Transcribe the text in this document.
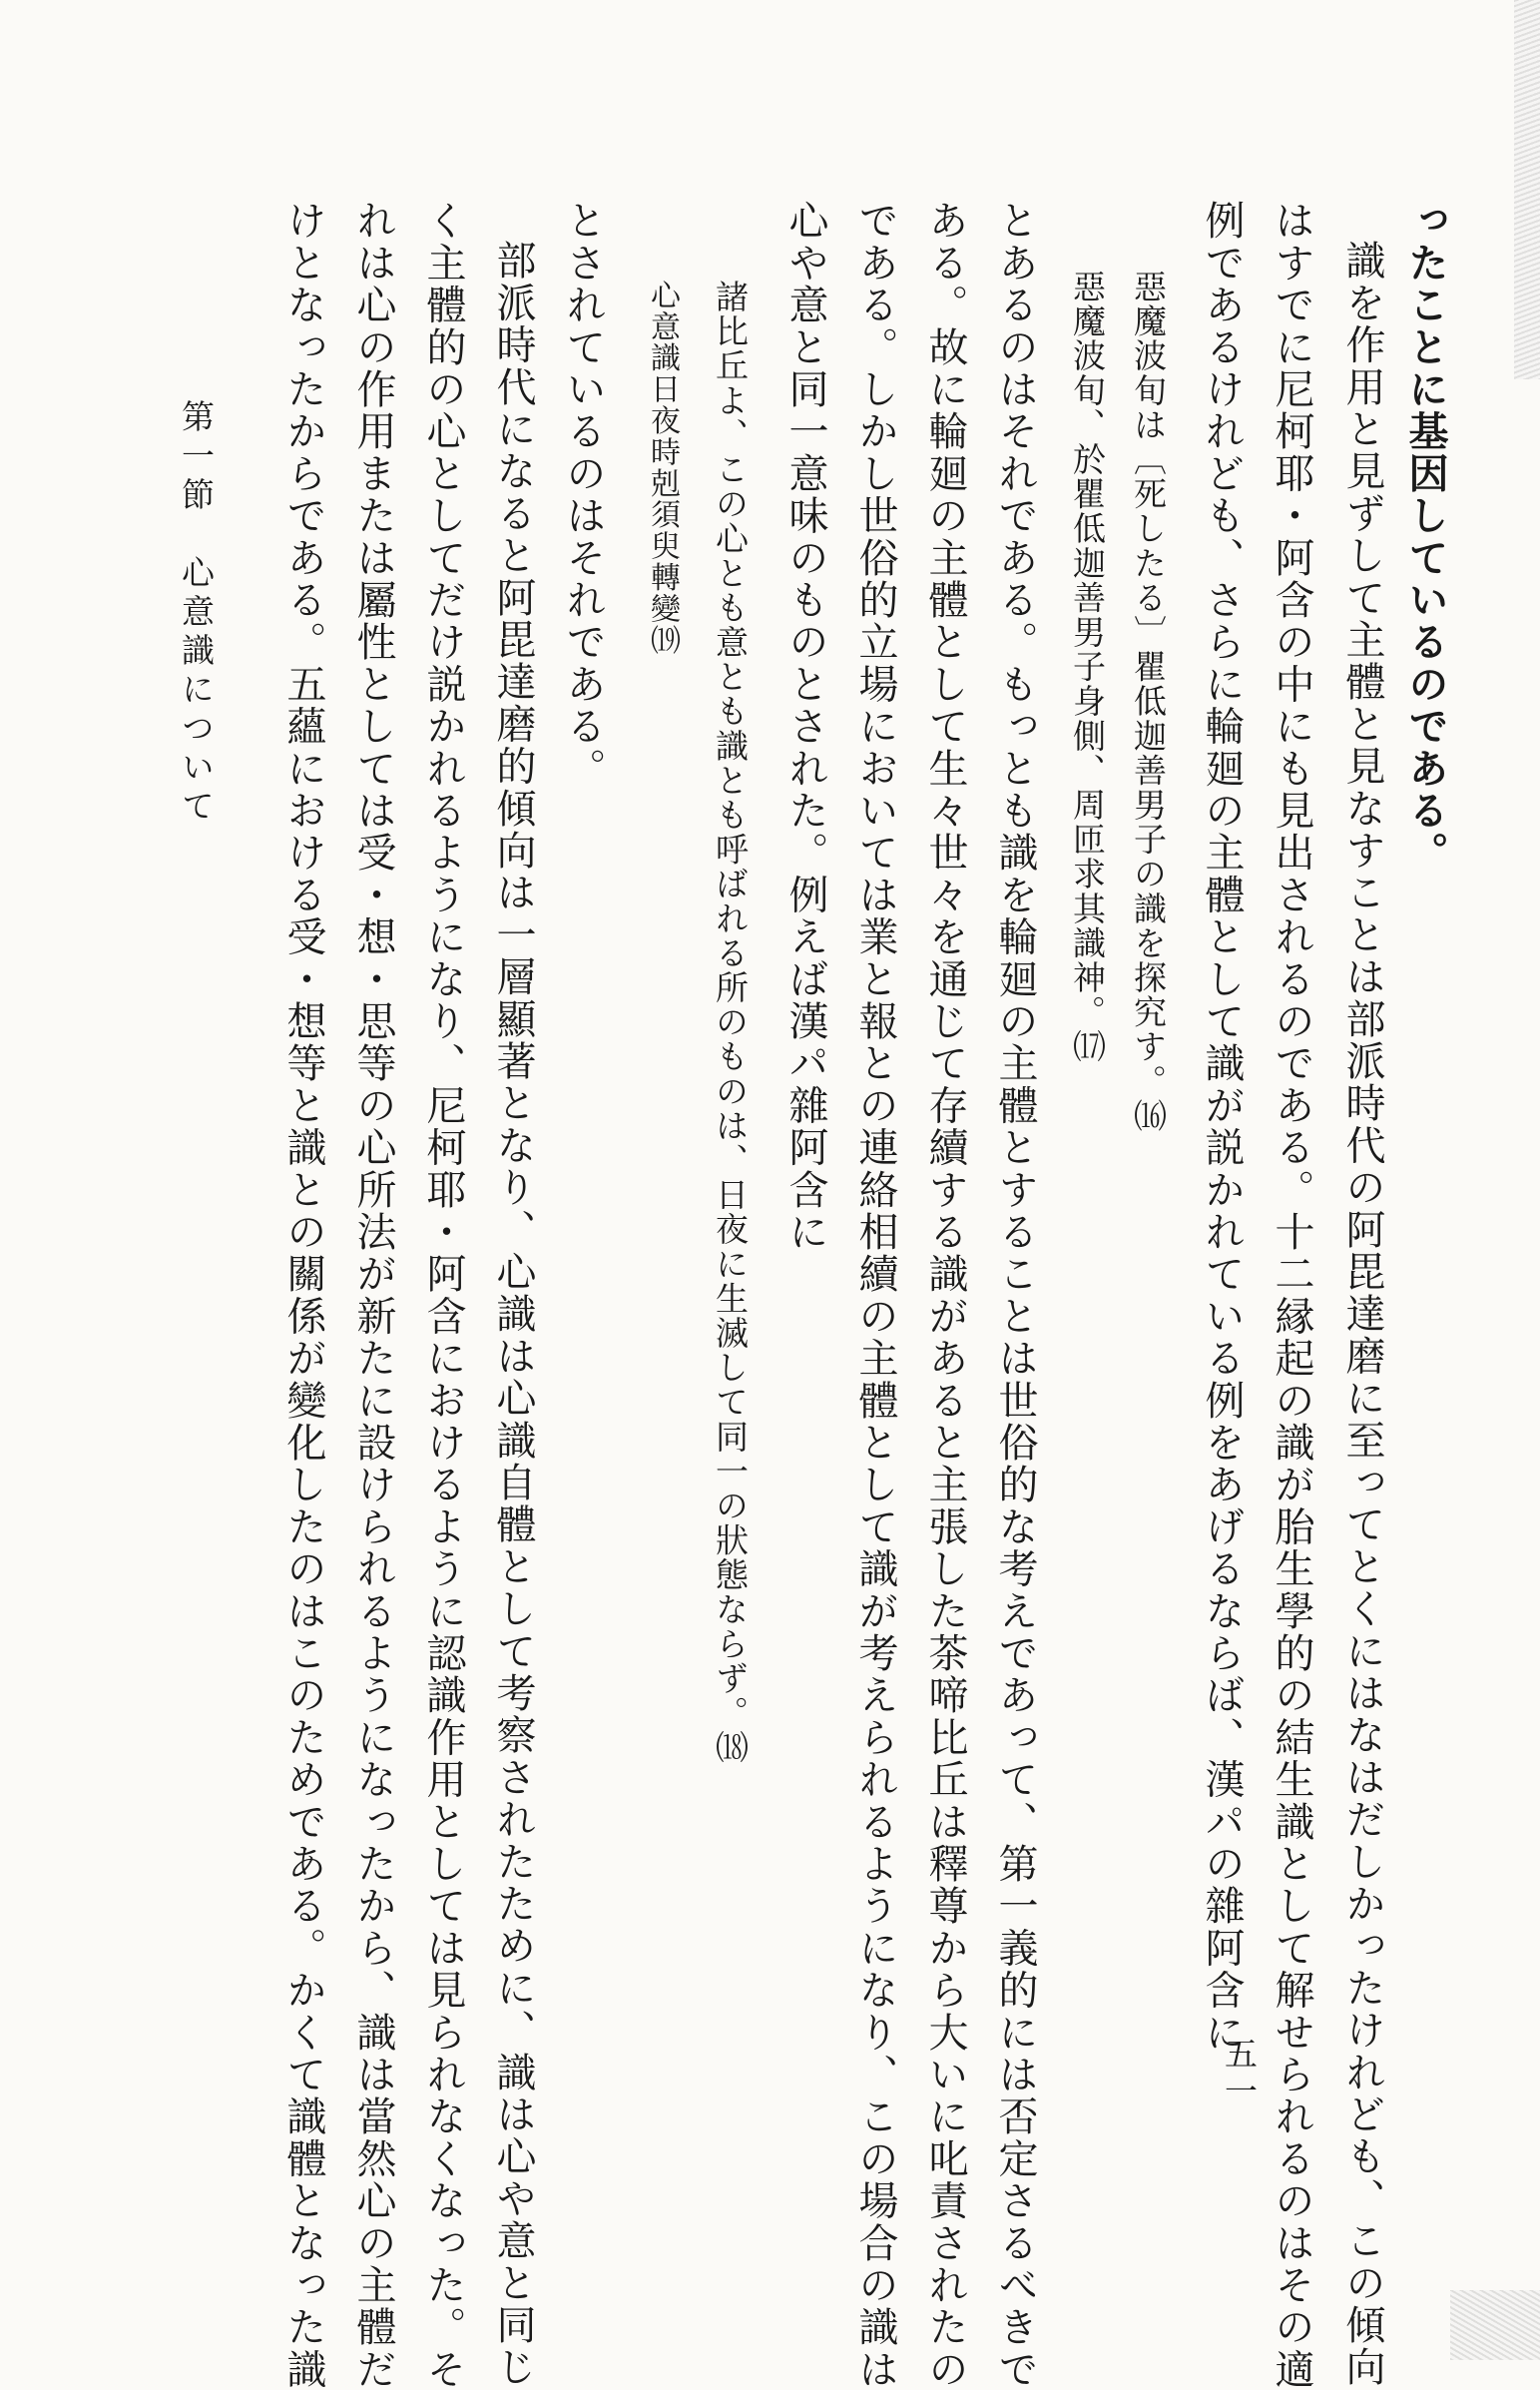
ったことに基因しているのである。
識を作用と見ずして主體と見なすことは部派時代の阿毘達磨に至ってとくにはなはだしかったけれども、この傾向
はすでに尼柯耶・阿含の中にも見出されるのである。十二縁起の識が胎生學的の結生識として解せられるのはその適
例であるけれども、さらに輪廻の主體として識が説かれている例をあげるならば、漢パの雜阿含に
惡魔波旬は〔死したる〕瞿低迦善男子の識を探究す。⒃
惡魔波旬、於瞿低迦善男子身側、周匝求其識神。⒄
とあるのはそれである。もっとも識を輪廻の主體とすることは世俗的な考えであって、第一義的には否定さるべきで
ある。故に輪廻の主體として生々世々を通じて存續する識があると主張した茶啼比丘は釋尊から大いに叱責されたの
である。しかし世俗的立場においては業と報との連絡相續の主體として識が考えられるようになり、この場合の識は
心や意と同一意味のものとされた。例えば漢パ雜阿含に
諸比丘よ、この心とも意とも識とも呼ばれる所のものは、日夜に生滅して同一の狀態ならず。⒅
心意識日夜時剋須臾轉變⒆
とされているのはそれである。
部派時代になると阿毘達磨的傾向は一層顯著となり、心識は心識自體として考察されたために、識は心や意と同じ
く主體的の心としてだけ説かれるようになり、尼柯耶・阿含におけるように認識作用としては見られなくなった。そ
れは心の作用または屬性としては受・想・思等の心所法が新たに設けられるようになったから、識は當然心の主體だ
けとなったからである。五蘊における受・想等と識との關係が變化したのはこのためである。かくて識體となった識
第一節　心意識について
五一
